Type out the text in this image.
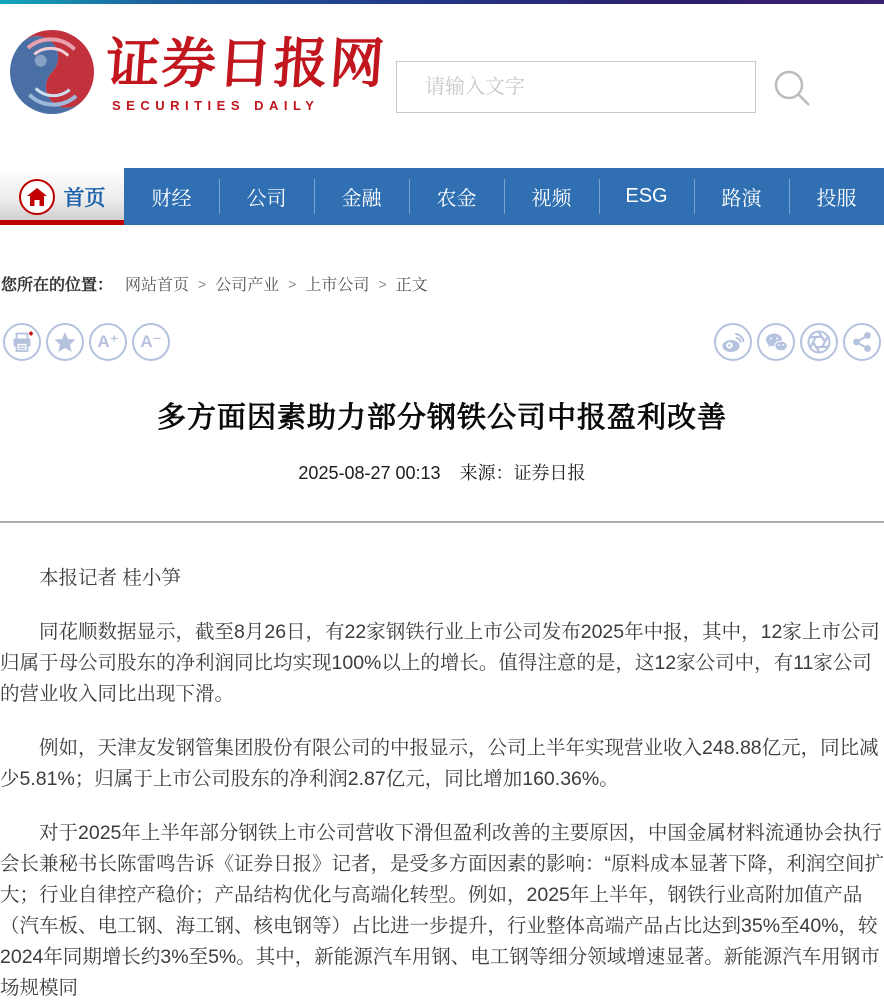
证券日报网
SECURITIES DAILY
请输入文字
首页	财经	公司	金融	农金	视频	ESG	路演	投服
您所在的位置： 网站首页 > 公司产业 > 上市公司 > 正文
A⁺ A⁻
多方面因素助力部分钢铁公司中报盈利改善
2025-08-27 00:13 来源：证券日报

本报记者 桂小笋

同花顺数据显示，截至8月26日，有22家钢铁行业上市公司发布2025年中报，其中，12家上市公司归属于母公司股东的净利润同比均实现100%以上的增长。值得注意的是，这12家公司中，有11家公司的营业收入同比出现下滑。

例如，天津友发钢管集团股份有限公司的中报显示，公司上半年实现营业收入248.88亿元，同比减少5.81%；归属于上市公司股东的净利润2.87亿元，同比增加160.36%。

对于2025年上半年部分钢铁上市公司营收下滑但盈利改善的主要原因，中国金属材料流通协会执行会长兼秘书长陈雷鸣告诉《证券日报》记者，是受多方面因素的影响：“原料成本显著下降，利润空间扩大；行业自律控产稳价；产品结构优化与高端化转型。例如，2025年上半年，钢铁行业高附加值产品（汽车板、电工钢、海工钢、核电钢等）占比进一步提升，行业整体高端产品占比达到35%至40%，较2024年同期增长约3%至5%。其中，新能源汽车用钢、电工钢等细分领域增速显著。新能源汽车用钢市场规模同
